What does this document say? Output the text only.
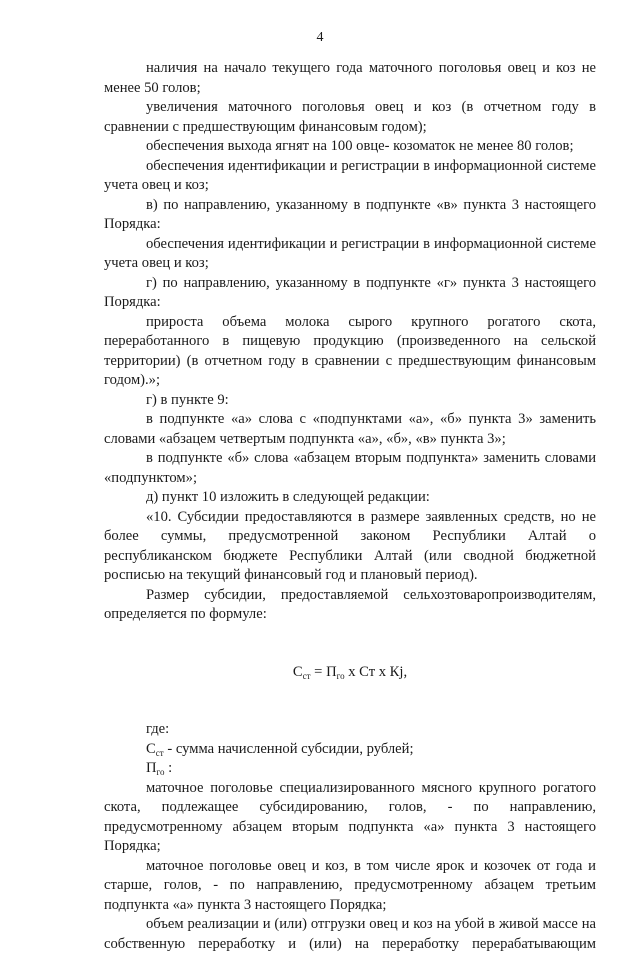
4

наличия на начало текущего года маточного поголовья овец и коз не менее 50 голов;

увеличения маточного поголовья овец и коз (в отчетном году в сравнении с предшествующим финансовым годом);

обеспечения выхода ягнят на 100 овце- козоматок не менее 80 голов;

обеспечения идентификации и регистрации в информационной системе учета овец и коз;

в) по направлению, указанному в подпункте «в» пункта 3 настоящего Порядка:

обеспечения идентификации и регистрации в информационной системе учета овец и коз;

г) по направлению, указанному в подпункте «г» пункта 3 настоящего Порядка:

прироста объема молока сырого крупного рогатого скота, переработанного в пищевую продукцию (произведенного на сельской территории) (в отчетном году в сравнении с предшествующим финансовым годом).»;

г) в пункте 9:

в подпункте «а» слова с «подпунктами «а», «б» пункта 3» заменить словами «абзацем четвертым подпункта «а», «б», «в» пункта 3»;

в подпункте «б» слова «абзацем вторым подпункта» заменить словами «подпунктом»;

д) пункт 10 изложить в следующей редакции:

«10. Субсидии предоставляются в размере заявленных средств, но не более суммы, предусмотренной законом Республики Алтай о республиканском бюджете Республики Алтай (или сводной бюджетной росписью на текущий финансовый год и плановый период).

Размер субсидии, предоставляемой сельхозтоваропроизводителям, определяется по формуле:

$С_{ст} = П_{го}$ х Ст х Кj,

где:

$С_{ст}$ - сумма начисленной субсидии, рублей;

$П_{го}$ :

маточное поголовье специализированного мясного крупного рогатого скота, подлежащее субсидированию, голов, - по направлению, предусмотренному абзацем вторым подпункта «а» пункта 3 настоящего Порядка;

маточное поголовье овец и коз, в том числе ярок и козочек от года и старше, голов, - по направлению, предусмотренному абзацем третьим подпункта «а» пункта 3 настоящего Порядка;

объем реализации и (или) отгрузки овец и коз на убой в живой массе на собственную переработку и (или) на переработку перерабатывающим
